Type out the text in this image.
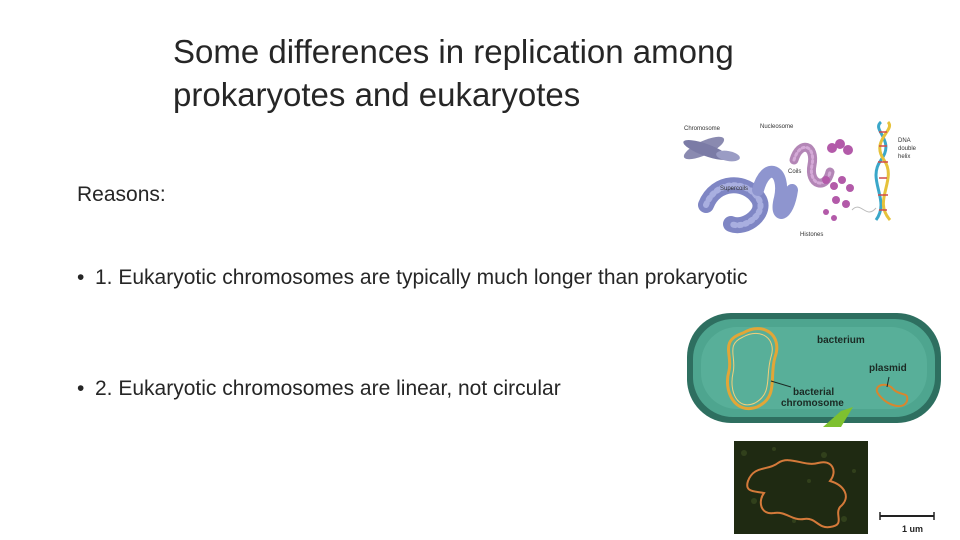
Some differences in replication among prokaryotes and eukaryotes

Reasons:

• 1. Eukaryotic chromosomes are typically much longer than prokaryotic
• 2. Eukaryotic chromosomes are linear, not circular
Chromosome	Nucleosome
DNA
double
helix
Coils
Supercoils
Histones
bacterium
plasmid
bacterial
chromosome
1 um
